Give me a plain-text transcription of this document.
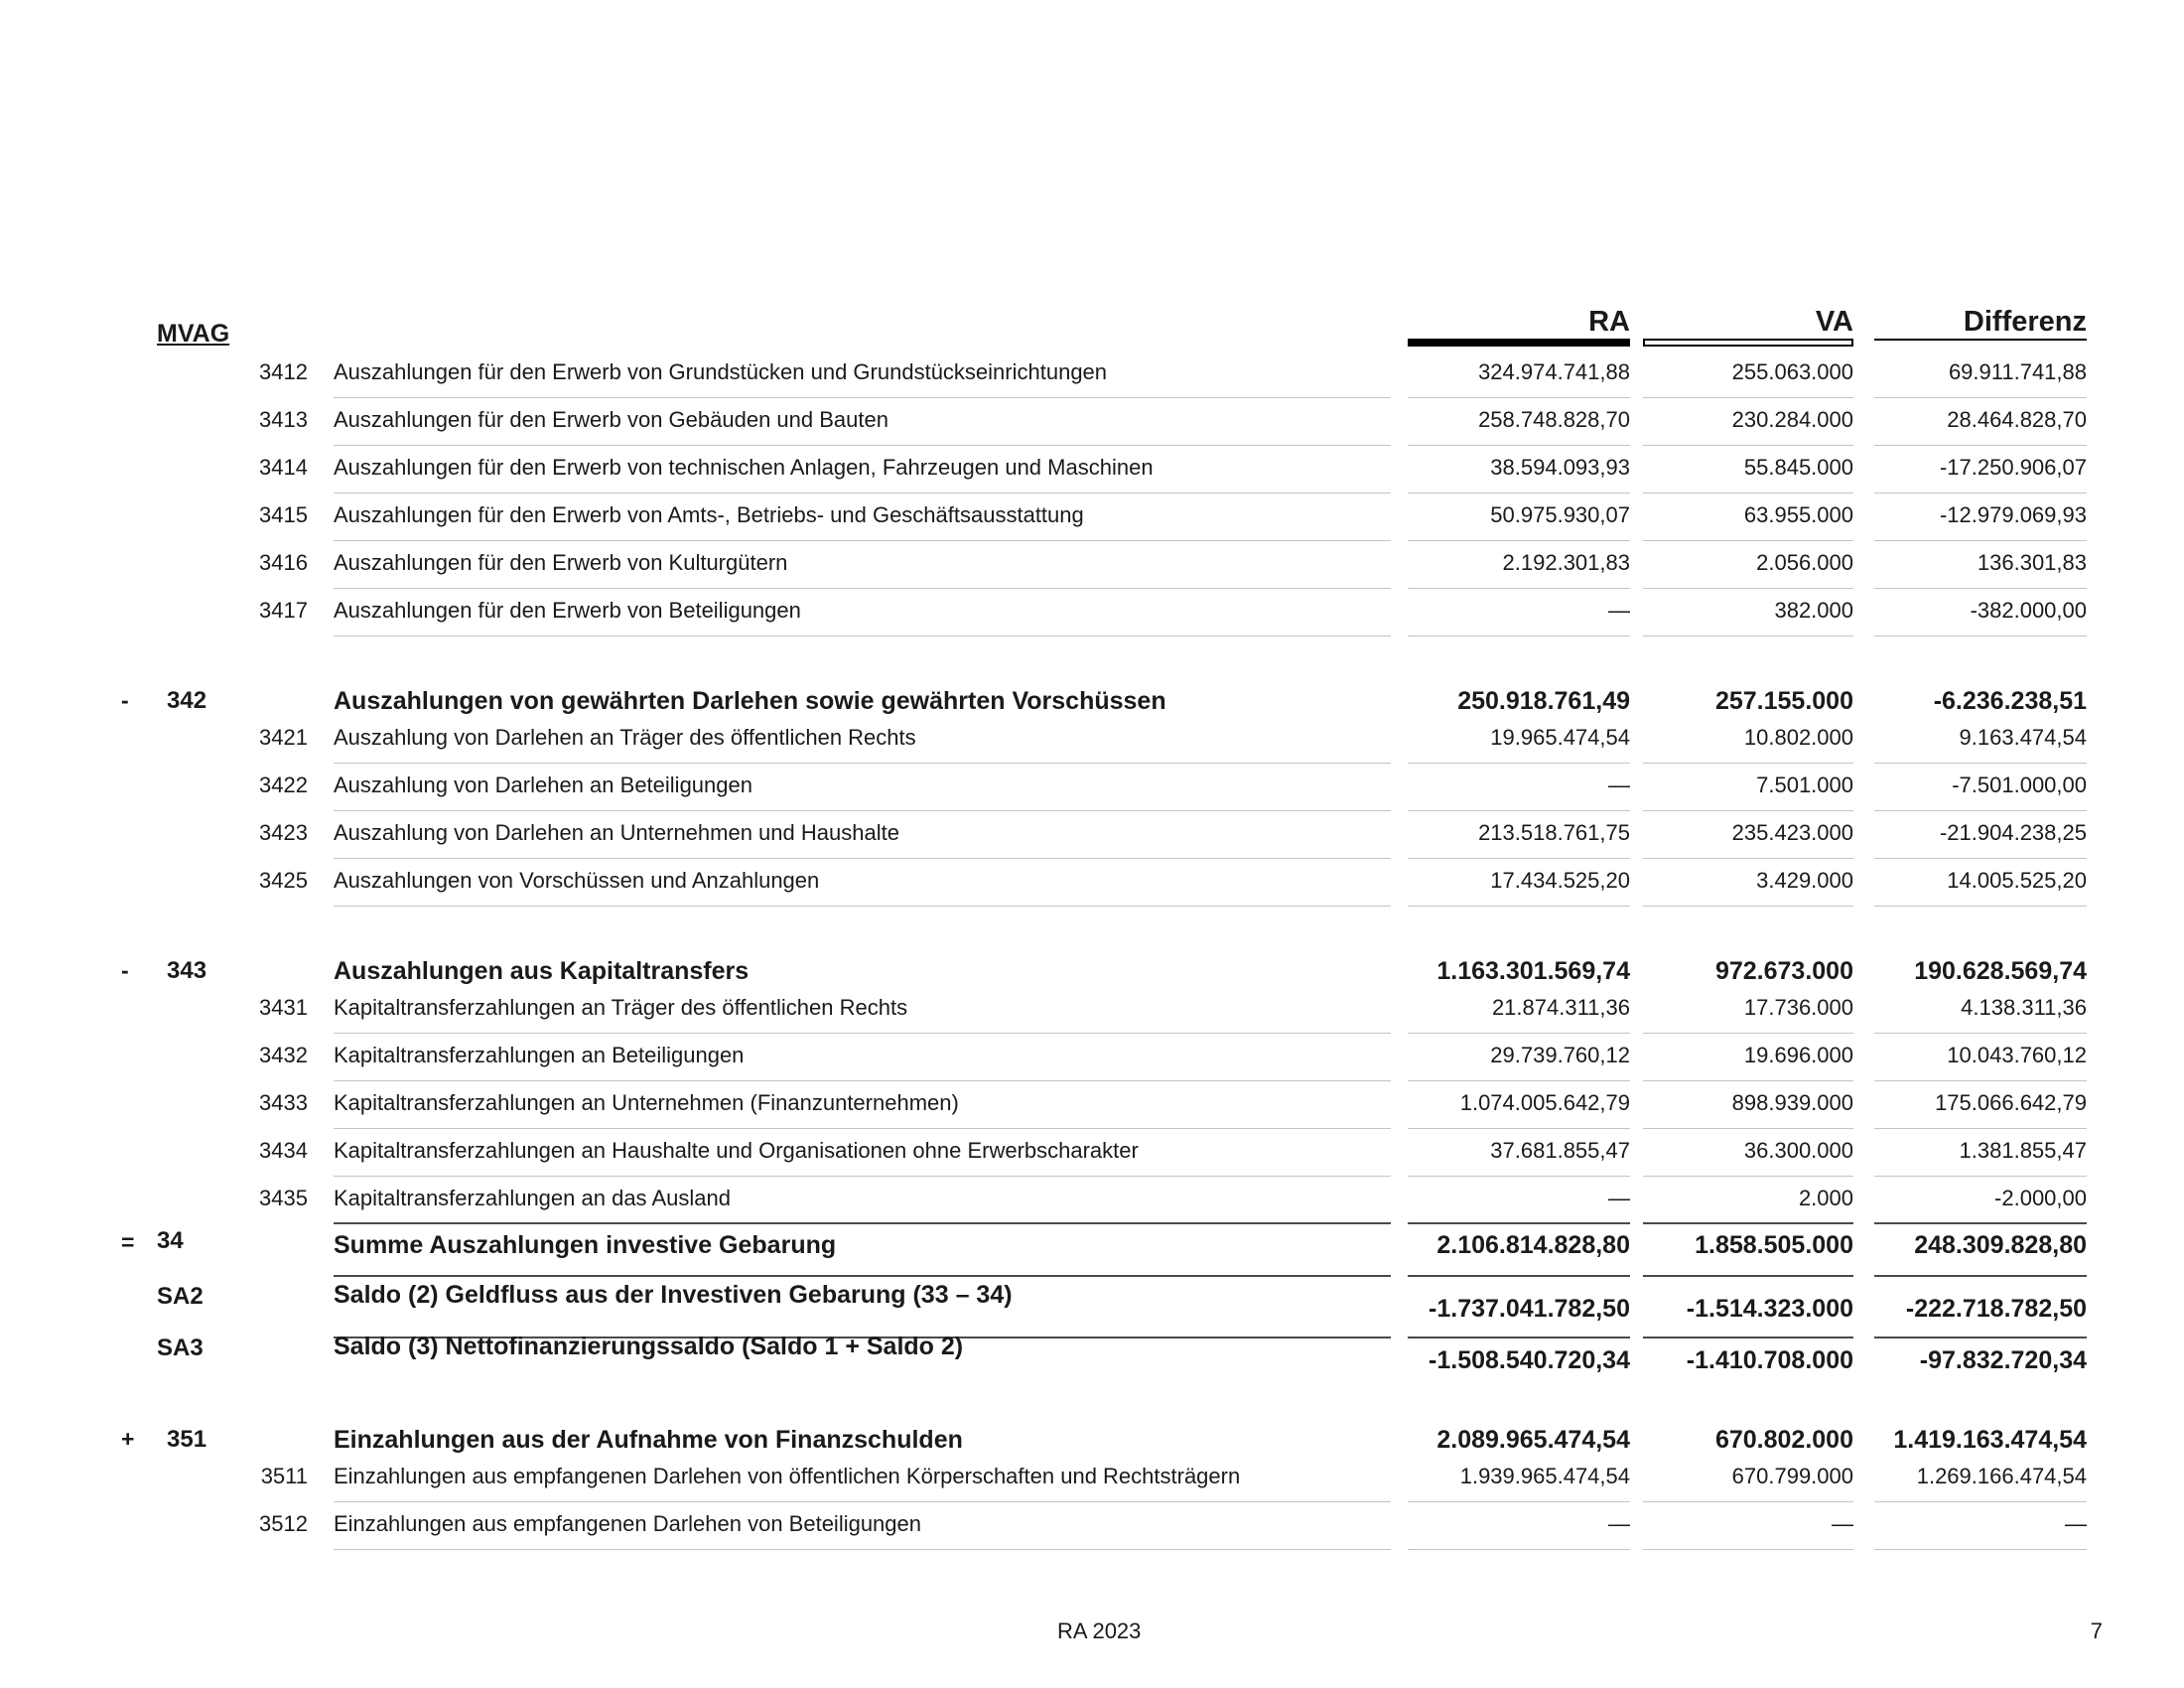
MVAG	RA	VA	Differenz
3412 Auszahlungen für den Erwerb von Grundstücken und Grundstückseinrichtungen	324.974.741,88	255.063.000	69.911.741,88
3413 Auszahlungen für den Erwerb von Gebäuden und Bauten	258.748.828,70	230.284.000	28.464.828,70
3414 Auszahlungen für den Erwerb von technischen Anlagen, Fahrzeugen und Maschinen	38.594.093,93	55.845.000	-17.250.906,07
3415 Auszahlungen für den Erwerb von Amts-, Betriebs- und Geschäftsausstattung	50.975.930,07	63.955.000	-12.979.069,93
3416 Auszahlungen für den Erwerb von Kulturgütern	2.192.301,83	2.056.000	136.301,83
3417 Auszahlungen für den Erwerb von Beteiligungen	—	382.000	-382.000,00
- 342	Auszahlungen von gewährten Darlehen sowie gewährten Vorschüssen	250.918.761,49	257.155.000	-6.236.238,51
3421 Auszahlung von Darlehen an Träger des öffentlichen Rechts	19.965.474,54	10.802.000	9.163.474,54
3422 Auszahlung von Darlehen an Beteiligungen	—	7.501.000	-7.501.000,00
3423 Auszahlung von Darlehen an Unternehmen und Haushalte	213.518.761,75	235.423.000	-21.904.238,25
3425 Auszahlungen von Vorschüssen und Anzahlungen	17.434.525,20	3.429.000	14.005.525,20
- 343	Auszahlungen aus Kapitaltransfers	1.163.301.569,74	972.673.000	190.628.569,74
3431 Kapitaltransferzahlungen an Träger des öffentlichen Rechts	21.874.311,36	17.736.000	4.138.311,36
3432 Kapitaltransferzahlungen an Beteiligungen	29.739.760,12	19.696.000	10.043.760,12
3433 Kapitaltransferzahlungen an Unternehmen (Finanzunternehmen)	1.074.005.642,79	898.939.000	175.066.642,79
3434 Kapitaltransferzahlungen an Haushalte und Organisationen ohne Erwerbscharakter	37.681.855,47	36.300.000	1.381.855,47
3435 Kapitaltransferzahlungen an das Ausland	—	2.000	-2.000,00
= 34	Summe Auszahlungen investive Gebarung	2.106.814.828,80	1.858.505.000	248.309.828,80
SA2	Saldo (2) Geldfluss aus der Investiven Gebarung (33 – 34)	-1.737.041.782,50	-1.514.323.000	-222.718.782,50
SA3	Saldo (3) Nettofinanzierungssaldo (Saldo 1 + Saldo 2)	-1.508.540.720,34	-1.410.708.000	-97.832.720,34
+ 351	Einzahlungen aus der Aufnahme von Finanzschulden	2.089.965.474,54	670.802.000	1.419.163.474,54
3511 Einzahlungen aus empfangenen Darlehen von öffentlichen Körperschaften und Rechtsträgern	1.939.965.474,54	670.799.000	1.269.166.474,54
3512 Einzahlungen aus empfangenen Darlehen von Beteiligungen	—	—	—
RA 2023	7
